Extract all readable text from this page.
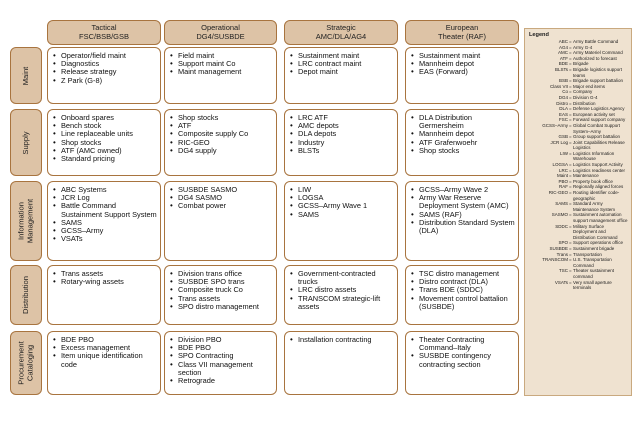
Tactical
FSC/BSB/GSB
Operational
DG4/SUSBDE
Strategic
AMC/DLA/AG4
European
Theater (RAF)
Maint
Supply
Information Management
Distribution
Procurement Cataloging
• Operator/field maint
• Diagnostics
• Release strategy
• Z Park (G-8)
• Field maint
• Support maint Co
• Maint management
• Sustainment maint
• LRC contract maint
• Depot maint
• Sustainment maint
• Mannheim depot
• EAS (Forward)
• Onboard spares
• Bench stock
• Line replaceable units
• Shop stocks
• ATF (AMC owned)
• Standard pricing
• Shop stocks
• ATF
• Composite supply Co
• RIC-GEO
• DG4 supply
• LRC ATF
• AMC depots
• DLA depots
• Industry
• BLSTs
• DLA Distribution Germersheim
• Mannheim depot
• ATF Grafenwoehr
• Shop stocks
• ABC Systems
• JCR Log
• Battle Command Sustainment Support System
• SAMS
• GCSS–Army
• VSATs
• SUSBDE SASMO
• DG4 SASMO
• Combat power
• LIW
• LOGSA
• GCSS–Army Wave 1
• SAMS
• GCSS–Army Wave 2
• Army War Reserve Deployment System (AMC)
• SAMS (RAF)
• Distribution Standard System (DLA)
• Trans assets
• Rotary-wing assets
• Division trans office
• SUSBDE SPO trans
• Composite truck Co
• Trans assets
• SPO distro management
• Government-contracted trucks
• LRC distro assets
• TRANSCOM strategic-lift assets
• TSC distro management
• Distro contract (DLA)
• Trans BDE (SDDC)
• Movement control battalion (SUSBDE)
• BDE PBO
• Excess management
• Item unique identification code
• Division PBO
• BDE PBO
• SPO Contracting
• Class VII management section
• Retrograde
• Installation contracting
•	Theater Contracting Command–Italy
• SUSBDE contingency contracting section
Legend
ABC = Army Battle Command
AG4 = Army G-4
AMC = Army Materiel Command
ATF = Authorized to forecast
BDE = Brigade
BLSTs = Brigade logistics support teams
BSB = Brigade support battalion
Class VII = Major end items
Co = Company
DG4 = Division G-4
Distro = Distribution
DLA = Defense Logistics Agency
EAS = European activity set
FSC = Forward support company
GCSS–Army = Global Combat Support System–Army
GSB = Group support battalion
JCR Log = Joint Capabilities Release Logistics
LIW = Logistics Information Warehouse
LOGSA = Logistics Support Activity
LRC = Logistics readiness center
Maint = Maintenance
PBO = Property book office
RAF = Regionally aligned forces
RIC-GEO = Routing identifier code-geographic
SAMS = Standard Army Maintenance System
SASMO = Sustainment automation support management office
SDDC = Military Surface Deployment and Distribution Command
SPO = Support operations office
SUSBDE = Sustainment brigade
Trans = Transportation
TRANSCOM = U.S. Transportation Command
TSC = Theater sustainment command
VSATs = Very small aperture terminals
